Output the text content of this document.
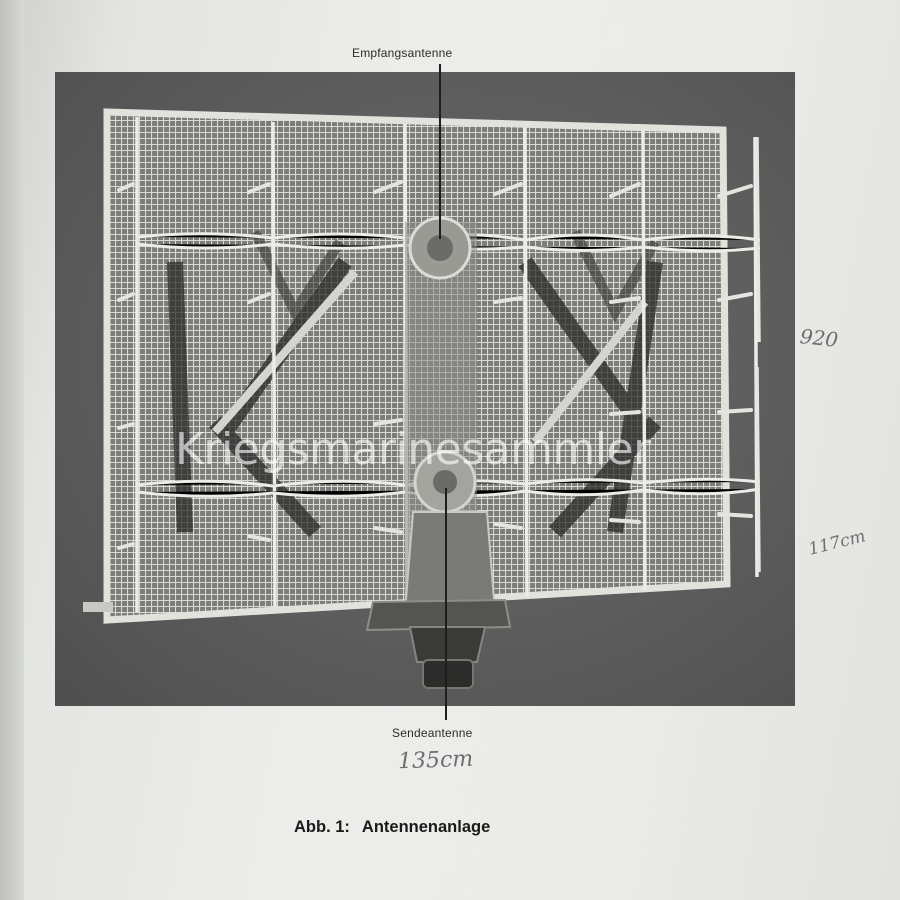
Empfangsantenne
Sendeantenne
Kriegsmarinesammler
920
117cm
135cm
Abb. 1: Antennenanlage
